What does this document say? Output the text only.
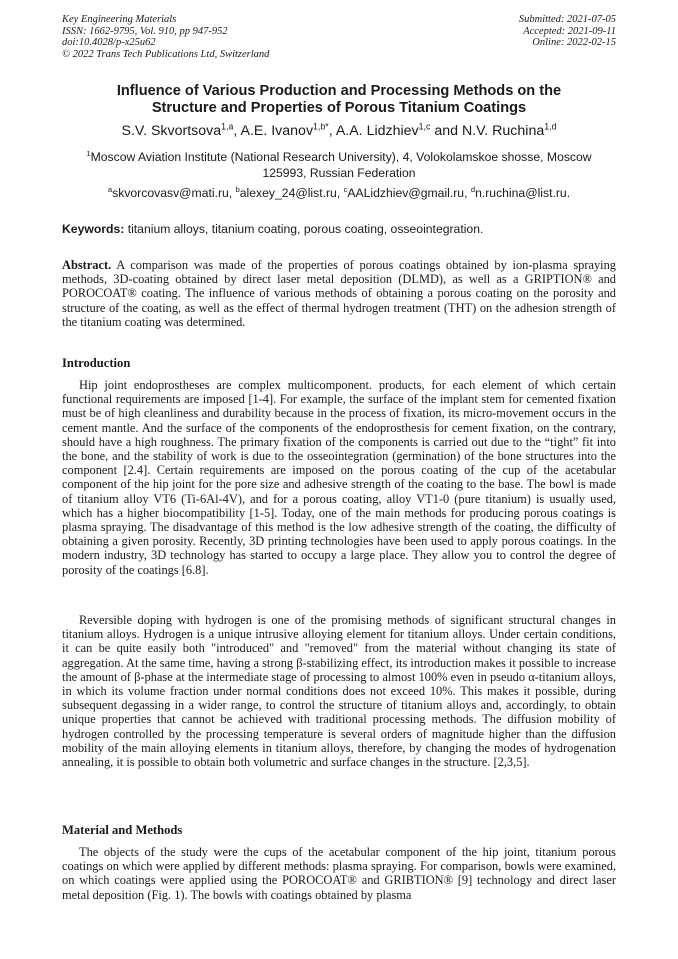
Key Engineering Materials
ISSN: 1662-9795, Vol. 910, pp 947-952
doi:10.4028/p-x25u62
© 2022 Trans Tech Publications Ltd, Switzerland
Submitted: 2021-07-05
Accepted: 2021-09-11
Online: 2022-02-15
Influence of Various Production and Processing Methods on the
Structure and Properties of Porous Titanium Coatings
S.V. Skvortsova$^{1,a}$, A.E. Ivanov$^{1,b*}$, A.A. Lidzhiev$^{1,c}$ and N.V. Ruchina$^{1,d}$
$^1$Moscow Aviation Institute (National Research University), 4, Volokolamskoe shosse, Moscow 125993, Russian Federation
$^a$skvorcovasv@mati.ru, $^b$alexey_24@list.ru, $^c$AALidzhiev@gmail.ru, $^d$n.ruchina@list.ru.
Keywords: titanium alloys, titanium coating, porous coating, osseointegration.
Abstract. A comparison was made of the properties of porous coatings obtained by ion-plasma spraying methods, 3D-coating obtained by direct laser metal deposition (DLMD), as well as a GRIPTION® and POROCOAT® coating. The influence of various methods of obtaining a porous coating on the porosity and structure of the coating, as well as the effect of thermal hydrogen treatment (THT) on the adhesion strength of the titanium coating was determined.
Introduction

Hip joint endoprostheses are complex multicomponent. products, for each element of which certain functional requirements are imposed [1-4]. For example, the surface of the implant stem for cemented fixation must be of high cleanliness and durability because in the process of fixation, its micro-movement occurs in the cement mantle. And the surface of the components of the endoprosthesis for cement fixation, on the contrary, should have a high roughness. The primary fixation of the components is carried out due to the “tight” fit into the bone, and the stability of work is due to the osseointegration (germination) of the bone structures into the component [2.4]. Certain requirements are imposed on the porous coating of the cup of the acetabular component of the hip joint for the pore size and adhesive strength of the coating to the base. The bowl is made of titanium alloy VT6 (Ti-6Al-4V), and for a porous coating, alloy VT1-0 (pure titanium) is usually used, which has a higher biocompatibility [1-5]. Today, one of the main methods for producing porous coatings is plasma spraying. The disadvantage of this method is the low adhesive strength of the coating, the difficulty of obtaining a given porosity. Recently, 3D printing technologies have been used to apply porous coatings. In the modern industry, 3D technology has started to occupy a large place. They allow you to control the degree of porosity of the coatings [6.8].

Reversible doping with hydrogen is one of the promising methods of significant structural changes in titanium alloys. Hydrogen is a unique intrusive alloying element for titanium alloys. Under certain conditions, it can be quite easily both "introduced" and "removed" from the material without changing its state of aggregation. At the same time, having a strong β-stabilizing effect, its introduction makes it possible to increase the amount of β-phase at the intermediate stage of processing to almost 100% even in pseudo α-titanium alloys, in which its volume fraction under normal conditions does not exceed 10%. This makes it possible, during subsequent degassing in a wider range, to control the structure of titanium alloys and, accordingly, to obtain unique properties that cannot be achieved with traditional processing methods. The diffusion mobility of hydrogen controlled by the processing temperature is several orders of magnitude higher than the diffusion mobility of the main alloying elements in titanium alloys, therefore, by changing the modes of hydrogenation annealing, it is possible to obtain both volumetric and surface changes in the structure. [2,3,5].

Material and Methods

The objects of the study were the cups of the acetabular component of the hip joint, titanium porous coatings on which were applied by different methods: plasma spraying. For comparison, bowls were examined, on which coatings were applied using the POROCOAT® and GRIBTION® [9] technology and direct laser metal deposition (Fig. 1). The bowls with coatings obtained by plasma
